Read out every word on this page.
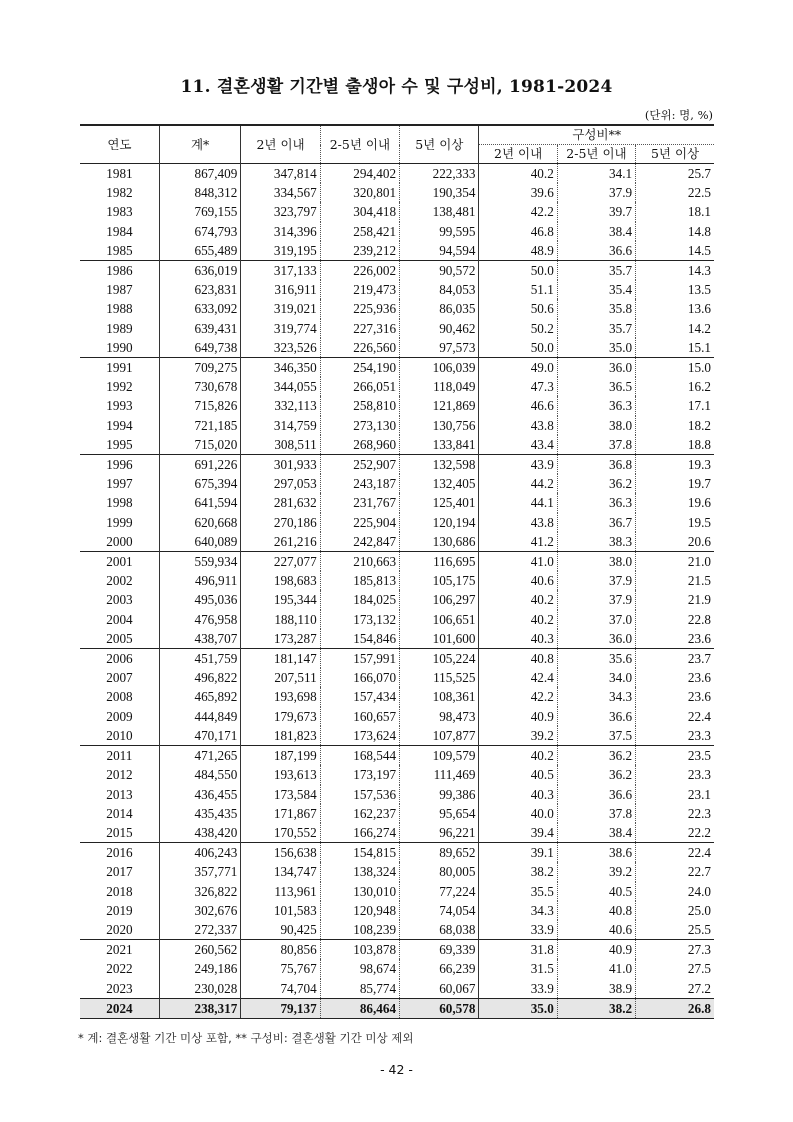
11. 결혼생활 기간별 출생아 수 및 구성비, 1981-2024
(단위: 명, %)
연도	계*	2년 이내	2-5년 이내	5년 이상	구성비**		
					2년 이내	2-5년 이내	5년 이상
1981	867,409	347,814	294,402	222,333	40.2	34.1	25.7
1982	848,312	334,567	320,801	190,354	39.6	37.9	22.5
1983	769,155	323,797	304,418	138,481	42.2	39.7	18.1
1984	674,793	314,396	258,421	99,595	46.8	38.4	14.8
1985	655,489	319,195	239,212	94,594	48.9	36.6	14.5
1986	636,019	317,133	226,002	90,572	50.0	35.7	14.3
1987	623,831	316,911	219,473	84,053	51.1	35.4	13.5
1988	633,092	319,021	225,936	86,035	50.6	35.8	13.6
1989	639,431	319,774	227,316	90,462	50.2	35.7	14.2
1990	649,738	323,526	226,560	97,573	50.0	35.0	15.1
1991	709,275	346,350	254,190	106,039	49.0	36.0	15.0
1992	730,678	344,055	266,051	118,049	47.3	36.5	16.2
1993	715,826	332,113	258,810	121,869	46.6	36.3	17.1
1994	721,185	314,759	273,130	130,756	43.8	38.0	18.2
1995	715,020	308,511	268,960	133,841	43.4	37.8	18.8
1996	691,226	301,933	252,907	132,598	43.9	36.8	19.3
1997	675,394	297,053	243,187	132,405	44.2	36.2	19.7
1998	641,594	281,632	231,767	125,401	44.1	36.3	19.6
1999	620,668	270,186	225,904	120,194	43.8	36.7	19.5
2000	640,089	261,216	242,847	130,686	41.2	38.3	20.6
2001	559,934	227,077	210,663	116,695	41.0	38.0	21.0
2002	496,911	198,683	185,813	105,175	40.6	37.9	21.5
2003	495,036	195,344	184,025	106,297	40.2	37.9	21.9
2004	476,958	188,110	173,132	106,651	40.2	37.0	22.8
2005	438,707	173,287	154,846	101,600	40.3	36.0	23.6
2006	451,759	181,147	157,991	105,224	40.8	35.6	23.7
2007	496,822	207,511	166,070	115,525	42.4	34.0	23.6
2008	465,892	193,698	157,434	108,361	42.2	34.3	23.6
2009	444,849	179,673	160,657	98,473	40.9	36.6	22.4
2010	470,171	181,823	173,624	107,877	39.2	37.5	23.3
2011	471,265	187,199	168,544	109,579	40.2	36.2	23.5
2012	484,550	193,613	173,197	111,469	40.5	36.2	23.3
2013	436,455	173,584	157,536	99,386	40.3	36.6	23.1
2014	435,435	171,867	162,237	95,654	40.0	37.8	22.3
2015	438,420	170,552	166,274	96,221	39.4	38.4	22.2
2016	406,243	156,638	154,815	89,652	39.1	38.6	22.4
2017	357,771	134,747	138,324	80,005	38.2	39.2	22.7
2018	326,822	113,961	130,010	77,224	35.5	40.5	24.0
2019	302,676	101,583	120,948	74,054	34.3	40.8	25.0
2020	272,337	90,425	108,239	68,038	33.9	40.6	25.5
2021	260,562	80,856	103,878	69,339	31.8	40.9	27.3
2022	249,186	75,767	98,674	66,239	31.5	41.0	27.5
2023	230,028	74,704	85,774	60,067	33.9	38.9	27.2
2024	238,317	79,137	86,464	60,578	35.0	38.2	26.8
* 계: 결혼생활 기간 미상 포함, ** 구성비: 결혼생활 기간 미상 제외
- 42 -
